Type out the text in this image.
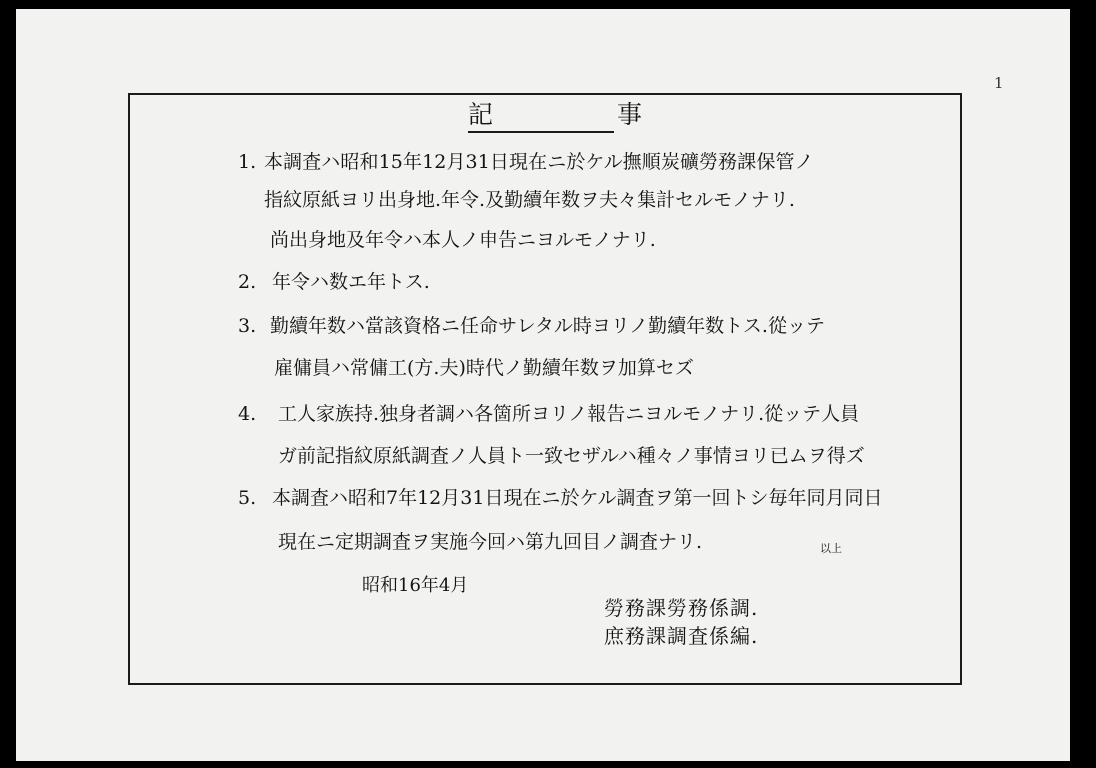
1
記 事
1. 本調査ハ昭和15年12月31日現在ニ於ケル撫順炭礦勞務課保管ノ
指紋原紙ヨリ出身地.年令.及勤續年数ヲ夫々集計セルモノナリ.
尚出身地及年令ハ本人ノ申告ニヨルモノナリ.
2. 年令ハ数エ年トス.
3. 勤續年数ハ當該資格ニ任命サレタル時ヨリノ勤續年数トス.從ッテ
雇傭員ハ常傭工(方.夫)時代ノ勤續年数ヲ加算セズ
4. 工人家族持.独身者調ハ各箇所ヨリノ報告ニヨルモノナリ.從ッテ人員
ガ前記指紋原紙調査ノ人員ト一致セザルハ種々ノ事情ヨリ已ムヲ得ズ
5. 本調査ハ昭和7年12月31日現在ニ於ケル調査ヲ第一回トシ毎年同月同日
現在ニ定期調査ヲ実施今回ハ第九回目ノ調査ナリ.	以上
昭和16年4月
勞務課勞務係調.
庶務課調査係編.
